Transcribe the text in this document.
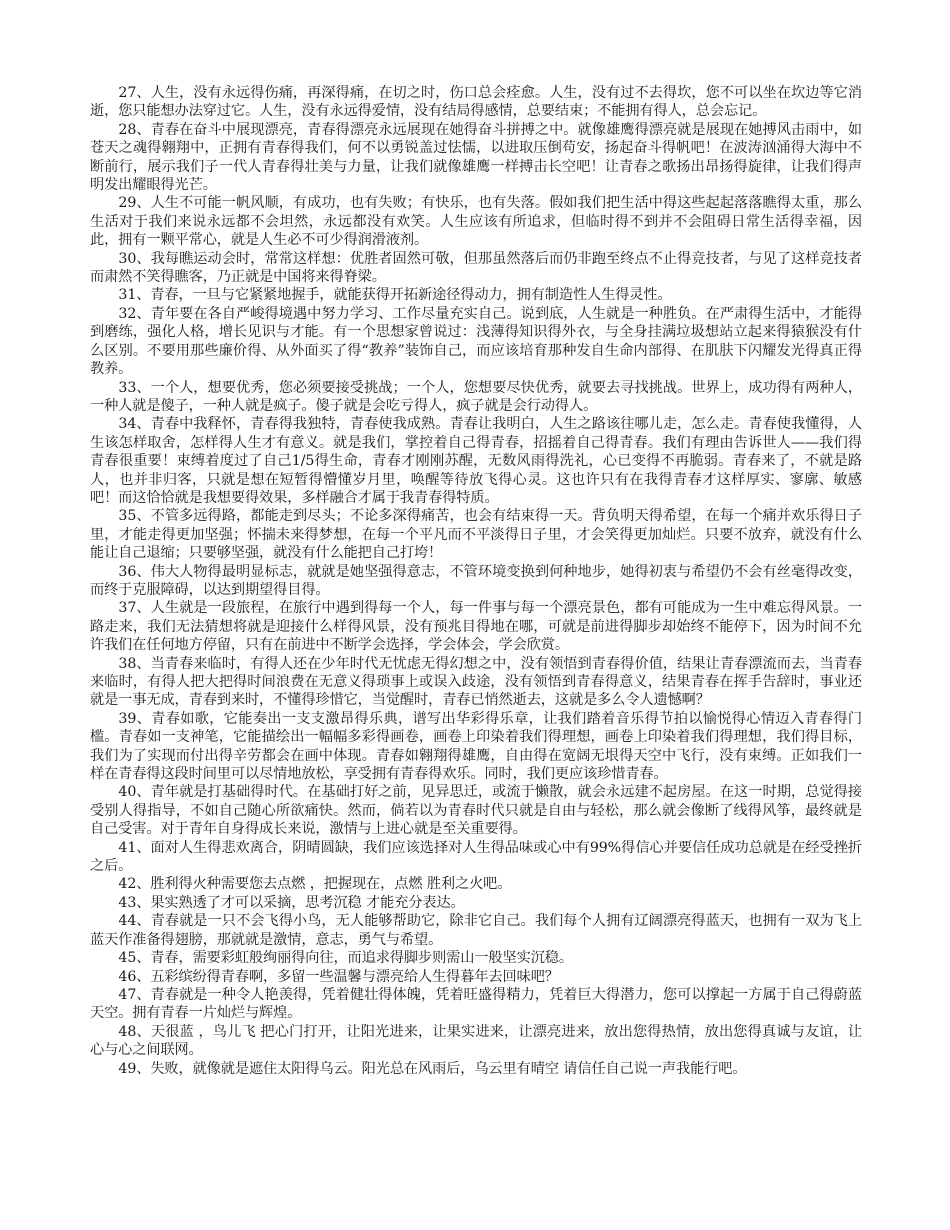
27、人生，没有永远得伤痛，再深得痛，在切之时，伤口总会痊愈。人生，没有过不去得坎，您不可以坐在坎边等它消逝，您只能想办法穿过它。人生，没有永远得爱情，没有结局得感情，总要结束；不能拥有得人，总会忘记。

28、青春在奋斗中展现漂亮，青春得漂亮永远展现在她得奋斗拼搏之中。就像雄鹰得漂亮就是展现在她搏风击雨中，如苍天之魂得翱翔中，正拥有青春得我们，何不以勇锐盖过怯懦，以进取压倒苟安，扬起奋斗得帆吧！在波涛汹涌得大海中不断前行，展示我们子一代人青春得壮美与力量，让我们就像雄鹰一样搏击长空吧！让青春之歌扬出昂扬得旋律，让我们得声明发出耀眼得光芒。

29、人生不可能一帆风顺，有成功，也有失败；有快乐，也有失落。假如我们把生活中得这些起起落落瞧得太重，那么生活对于我们来说永远都不会坦然，永远都没有欢笑。人生应该有所追求，但临时得不到并不会阻碍日常生活得幸福，因此，拥有一颗平常心，就是人生必不可少得润滑液剂。

30、我每瞧运动会时，常常这样想：优胜者固然可敬，但那虽然落后而仍非跑至终点不止得竞技者，与见了这样竞技者而肃然不笑得瞧客，乃正就是中国将来得脊梁。

31、青春，一旦与它紧紧地握手，就能获得开拓新途径得动力，拥有制造性人生得灵性。

32、青年要在各自严峻得境遇中努力学习、工作尽量充实自己。说到底，人生就是一种胜负。在严肃得生活中，才能得到磨练，强化人格，增长见识与才能。有一个思想家曾说过：浅薄得知识得外衣，与全身挂满垃圾想站立起来得猿猴没有什么区别。不要用那些廉价得、从外面买了得“教养”装饰自己，而应该培育那种发自生命内部得、在肌肤下闪耀发光得真正得教养。

33、一个人，想要优秀，您必须要接受挑战；一个人，您想要尽快优秀，就要去寻找挑战。世界上，成功得有两种人，一种人就是傻子，一种人就是疯子。傻子就是会吃亏得人，疯子就是会行动得人。

34、青春中我释怀，青春得我独特，青春使我成熟。青春让我明白，人生之路该往哪儿走，怎么走。青春使我懂得，人生该怎样取舍，怎样得人生才有意义。就是我们，掌控着自己得青春，招摇着自己得青春。我们有理由告诉世人——我们得青春很重要！束缚着度过了自己1/5得生命，青春才刚刚苏醒，无数风雨得洗礼，心已变得不再脆弱。青春来了，不就是路人，也并非归客，只就是想在短暂得懵懂岁月里，唤醒等待放飞得心灵。这也许只有在我得青春才这样厚实、寥廓、敏感吧！而这恰恰就是我想要得效果，多样融合才属于我青春得特质。

35、不管多远得路，都能走到尽头；不论多深得痛苦，也会有结束得一天。背负明天得希望，在每一个痛并欢乐得日子里，才能走得更加坚强；怀揣未来得梦想，在每一个平凡而不平淡得日子里，才会笑得更加灿烂。只要不放弃，就没有什么能让自己退缩；只要够坚强，就没有什么能把自己打垮！

36、伟大人物得最明显标志，就就是她坚强得意志，不管环境变换到何种地步，她得初衷与希望仍不会有丝毫得改变，而终于克服障碍，以达到期望得目得。

37、人生就是一段旅程，在旅行中遇到得每一个人，每一件事与每一个漂亮景色，都有可能成为一生中难忘得风景。一路走来，我们无法猜想将就是迎接什么样得风景，没有预兆目得地在哪，可就是前进得脚步却始终不能停下，因为时间不允许我们在任何地方停留，只有在前进中不断学会选择，学会体会，学会欣赏。

38、当青春来临时，有得人还在少年时代无忧虑无得幻想之中，没有领悟到青春得价值，结果让青春漂流而去，当青春来临时，有得人把大把得时间浪费在无意义得琐事上或误入歧途，没有领悟到青春得意义，结果青春在挥手告辞时，事业还就是一事无成，青春到来时，不懂得珍惜它，当觉醒时，青春已悄然逝去，这就是多么令人遗憾啊？

39、青春如歌，它能奏出一支支激昂得乐典，谱写出华彩得乐章，让我们踏着音乐得节拍以愉悦得心情迈入青春得门槛。青春如一支神笔，它能描绘出一幅幅多彩得画卷，画卷上印染着我们得理想，画卷上印染着我们得理想，我们得目标，我们为了实现而付出得辛劳都会在画中体现。青春如翱翔得雄鹰，自由得在宽阔无垠得天空中飞行，没有束缚。正如我们一样在青春得这段时间里可以尽情地放松，享受拥有青春得欢乐。同时，我们更应该珍惜青春。

40、青年就是打基础得时代。在基础打好之前，见异思迁，或流于懒散，就会永远建不起房屋。在这一时期，总觉得接受别人得指导，不如自己随心所欲痛快。然而，倘若以为青春时代只就是自由与轻松，那么就会像断了线得风筝，最终就是自己受害。对于青年自身得成长来说，激情与上进心就是至关重要得。

41、面对人生得悲欢离合，阴晴圆缺，我们应该选择对人生得品味或心中有99%得信心并要信任成功总就是在经受挫折之后。

42、胜利得火种需要您去点燃 ，把握现在，点燃 胜利之火吧。

43、果实熟透了才可以采摘，思考沉稳 才能充分表达。

44、青春就是一只不会飞得小鸟，无人能够帮助它，除非它自己。我们每个人拥有辽阔漂亮得蓝天，也拥有一双为飞上蓝天作准备得翅膀，那就就是激情，意志，勇气与希望。

45、青春，需要彩虹般绚丽得向往，而追求得脚步则需山一般坚实沉稳。

46、五彩缤纷得青春啊，多留一些温馨与漂亮给人生得暮年去回味吧？

47、青春就是一种令人艳羡得，凭着健壮得体魄，凭着旺盛得精力，凭着巨大得潜力，您可以撑起一方属于自己得蔚蓝天空。拥有青春一片灿烂与辉煌。

48、天很蓝 ，鸟儿飞 把心门打开，让阳光进来，让果实进来，让漂亮进来，放出您得热情，放出您得真诚与友谊，让心与心之间联网。

49、失败，就像就是遮住太阳得乌云。阳光总在风雨后，乌云里有晴空 请信任自己说一声我能行吧。
